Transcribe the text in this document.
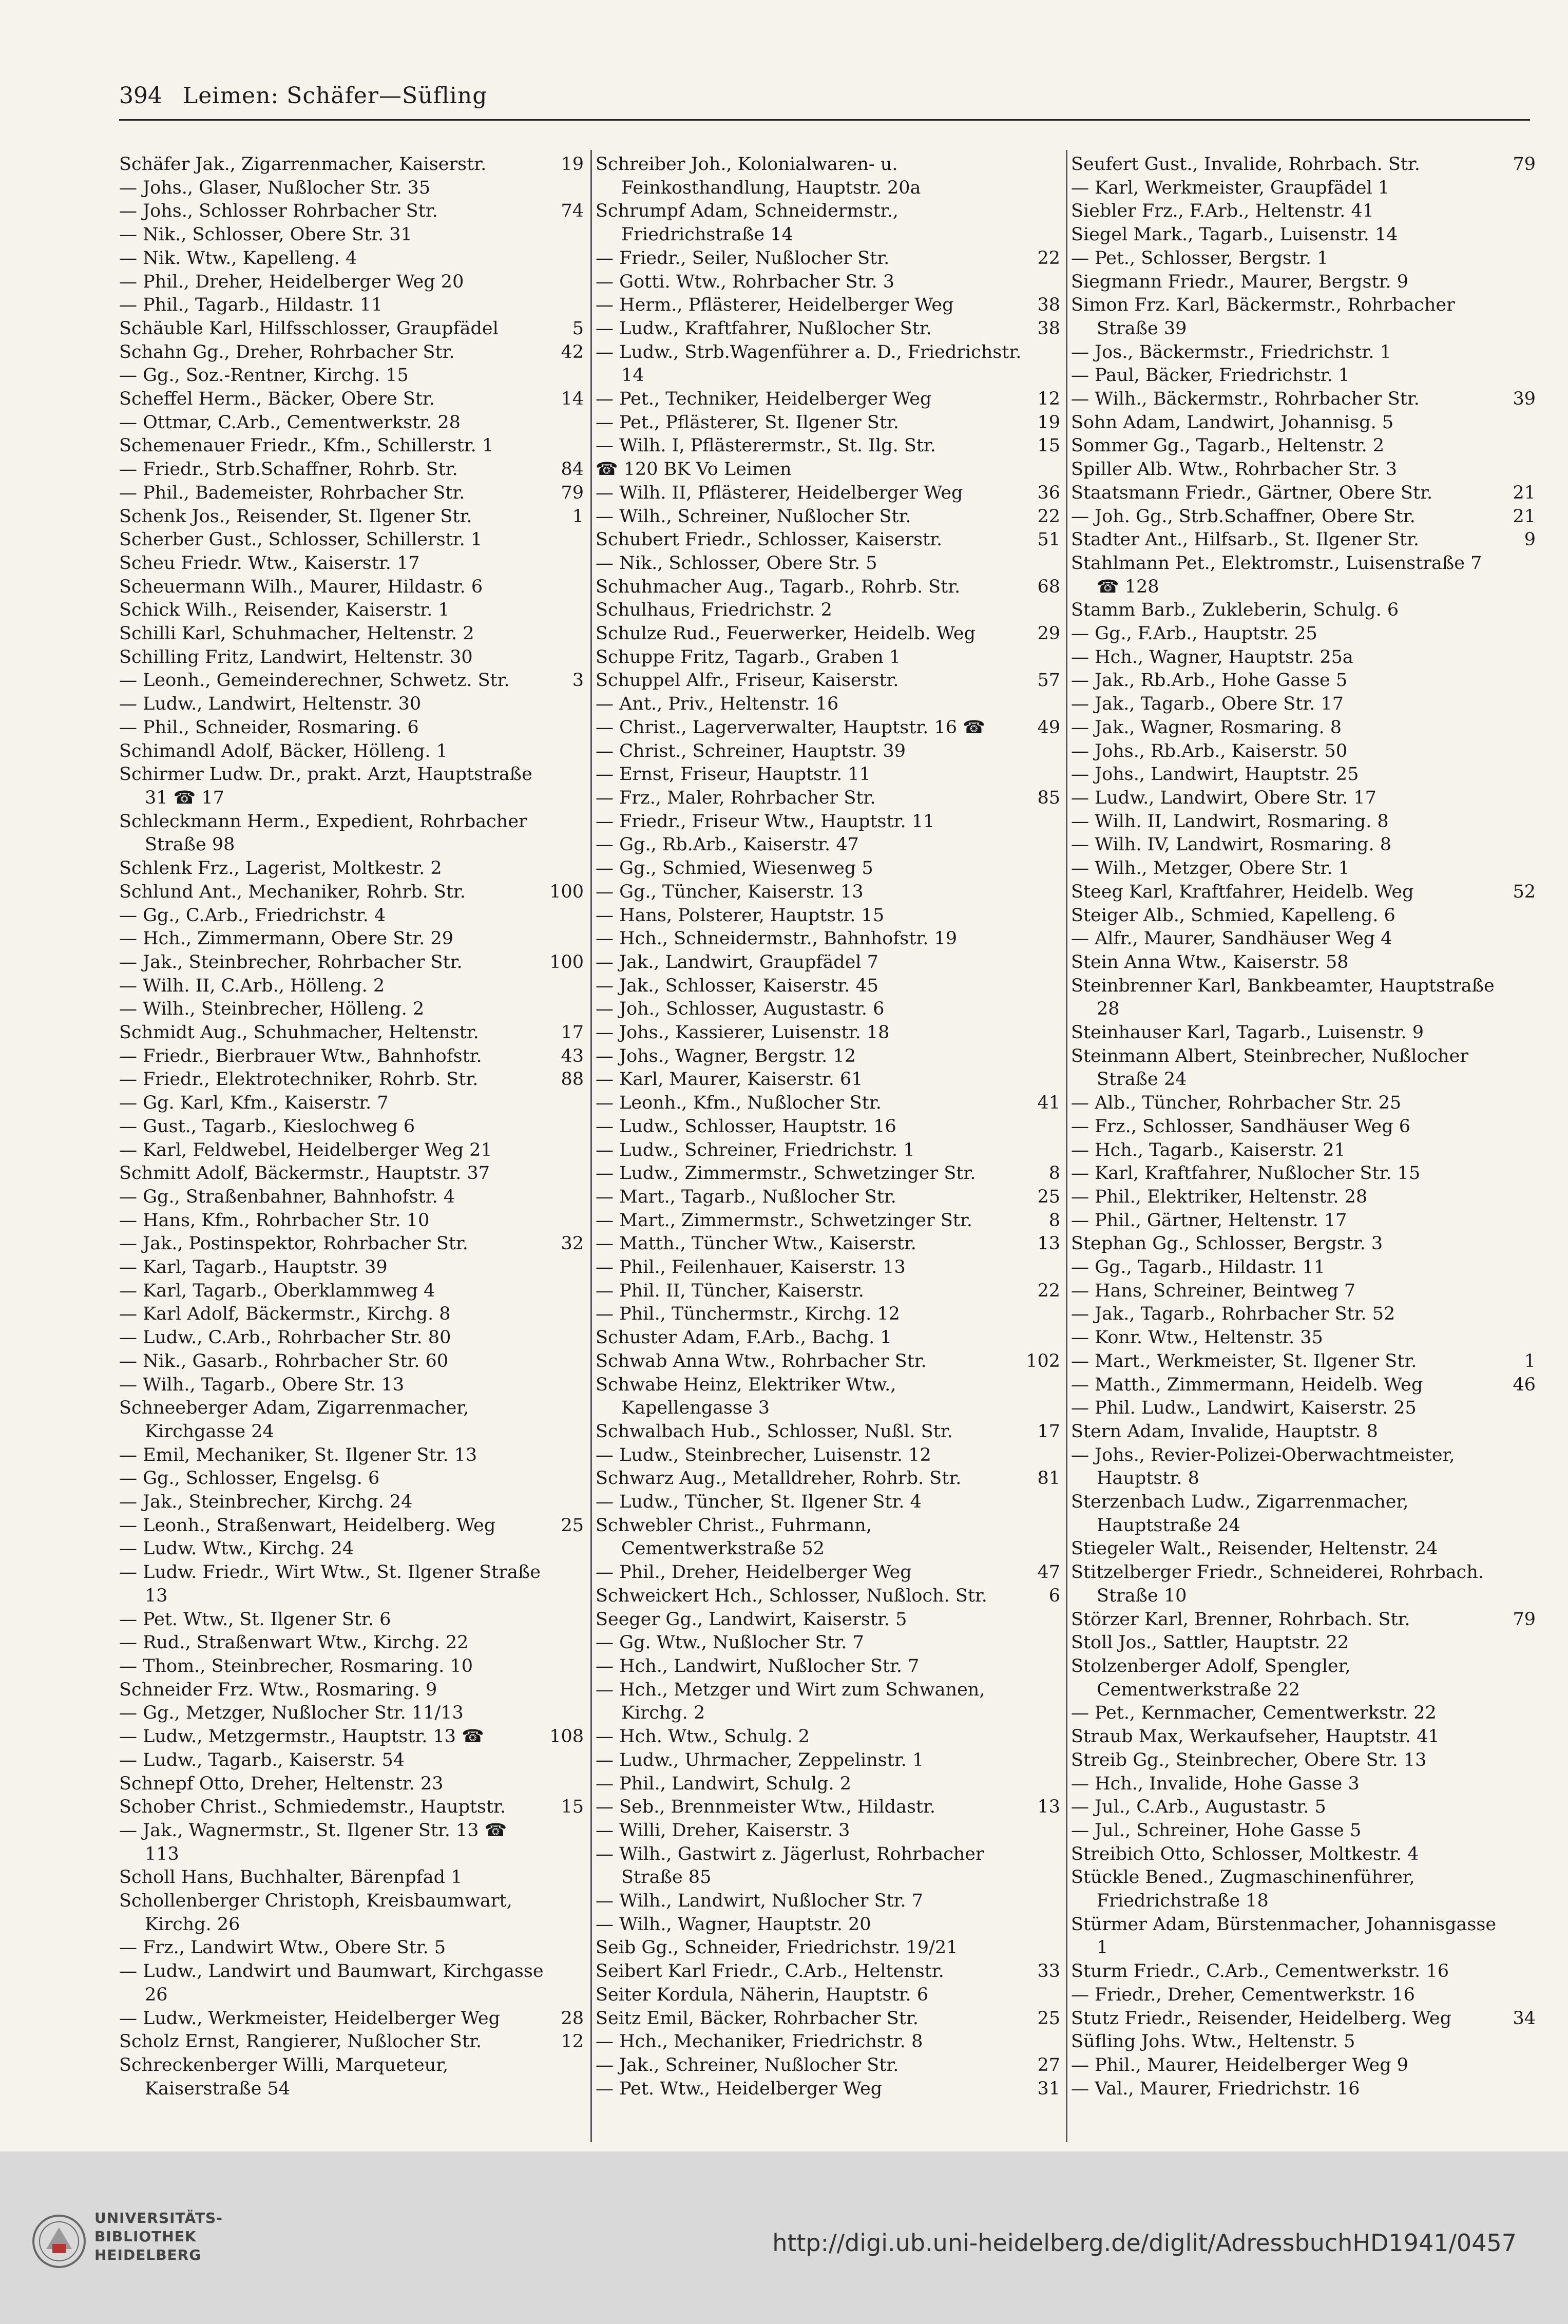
394 Leimen: Schäfer—Süfling
Schäfer Jak., Zigarrenmacher, Kaiserstr.	19
— Johs., Glaser, Nußlocher Str. 35
— Johs., Schlosser Rohrbacher Str.	74
— Nik., Schlosser, Obere Str. 31
— Nik. Wtw., Kapelleng. 4
— Phil., Dreher, Heidelberger Weg 20
— Phil., Tagarb., Hildastr. 11
Schäuble Karl, Hilfsschlosser, Graupfädel	5
Schahn Gg., Dreher, Rohrbacher Str.	42
— Gg., Soz.-Rentner, Kirchg. 15
Scheffel Herm., Bäcker, Obere Str.	14
— Ottmar, C.Arb., Cementwerkstr. 28
Schemenauer Friedr., Kfm., Schillerstr. 1
— Friedr., Strb.Schaffner, Rohrb. Str.	84
— Phil., Bademeister, Rohrbacher Str.	79
Schenk Jos., Reisender, St. Ilgener Str.	1
Scherber Gust., Schlosser, Schillerstr. 1
Scheu Friedr. Wtw., Kaiserstr. 17
Scheuermann Wilh., Maurer, Hildastr. 6
Schick Wilh., Reisender, Kaiserstr. 1
Schilli Karl, Schuhmacher, Heltenstr. 2
Schilling Fritz, Landwirt, Heltenstr. 30
— Leonh., Gemeinderechner, Schwetz. Str.	3
— Ludw., Landwirt, Heltenstr. 30
— Phil., Schneider, Rosmaring. 6
Schimandl Adolf, Bäcker, Hölleng. 1
Schirmer Ludw. Dr., prakt. Arzt, Hauptstraße 31 ☎ 17
Schleckmann Herm., Expedient, Rohrbacher Straße 98
Schlenk Frz., Lagerist, Moltkestr. 2
Schlund Ant., Mechaniker, Rohrb. Str.	100
— Gg., C.Arb., Friedrichstr. 4
— Hch., Zimmermann, Obere Str. 29
— Jak., Steinbrecher, Rohrbacher Str.	100
— Wilh. II, C.Arb., Hölleng. 2
— Wilh., Steinbrecher, Hölleng. 2
Schmidt Aug., Schuhmacher, Heltenstr.	17
— Friedr., Bierbrauer Wtw., Bahnhofstr.	43
— Friedr., Elektrotechniker, Rohrb. Str.	88
— Gg. Karl, Kfm., Kaiserstr. 7
— Gust., Tagarb., Kieslochweg 6
— Karl, Feldwebel, Heidelberger Weg 21
Schmitt Adolf, Bäckermstr., Hauptstr. 37
— Gg., Straßenbahner, Bahnhofstr. 4
— Hans, Kfm., Rohrbacher Str. 10
— Jak., Postinspektor, Rohrbacher Str.	32
— Karl, Tagarb., Hauptstr. 39
— Karl, Tagarb., Oberklammweg 4
— Karl Adolf, Bäckermstr., Kirchg. 8
— Ludw., C.Arb., Rohrbacher Str. 80
— Nik., Gasarb., Rohrbacher Str. 60
— Wilh., Tagarb., Obere Str. 13
Schneeberger Adam, Zigarrenmacher, Kirchgasse 24
— Emil, Mechaniker, St. Ilgener Str. 13
— Gg., Schlosser, Engelsg. 6
— Jak., Steinbrecher, Kirchg. 24
— Leonh., Straßenwart, Heidelberg. Weg	25
— Ludw. Wtw., Kirchg. 24
— Ludw. Friedr., Wirt Wtw., St. Ilgener Straße 13
— Pet. Wtw., St. Ilgener Str. 6
— Rud., Straßenwart Wtw., Kirchg. 22
— Thom., Steinbrecher, Rosmaring. 10
Schneider Frz. Wtw., Rosmaring. 9
— Gg., Metzger, Nußlocher Str. 11/13
— Ludw., Metzgermstr., Hauptstr. 13 ☎	108
— Ludw., Tagarb., Kaiserstr. 54
Schnepf Otto, Dreher, Heltenstr. 23
Schober Christ., Schmiedemstr., Hauptstr.	15
— Jak., Wagnermstr., St. Ilgener Str. 13 ☎ 113
Scholl Hans, Buchhalter, Bärenpfad 1
Schollenberger Christoph, Kreisbaumwart, Kirchg. 26
— Frz., Landwirt Wtw., Obere Str. 5
— Ludw., Landwirt und Baumwart, Kirchgasse 26
— Ludw., Werkmeister, Heidelberger Weg	28
Scholz Ernst, Rangierer, Nußlocher Str.	12
Schreckenberger Willi, Marqueteur, Kaiserstraße 54
Schreiber Joh., Kolonialwaren- u. Feinkosthandlung, Hauptstr. 20a
Schrumpf Adam, Schneidermstr., Friedrichstraße 14
— Friedr., Seiler, Nußlocher Str.	22
— Gotti. Wtw., Rohrbacher Str. 3
— Herm., Pflästerer, Heidelberger Weg	38
— Ludw., Kraftfahrer, Nußlocher Str.	38
— Ludw., Strb.Wagenführer a. D., Friedrichstr. 14
— Pet., Techniker, Heidelberger Weg	12
— Pet., Pflästerer, St. Ilgener Str.	19
— Wilh. I, Pflästerermstr., St. Ilg. Str.	15
☎ 120 BK Vo Leimen
— Wilh. II, Pflästerer, Heidelberger Weg	36
— Wilh., Schreiner, Nußlocher Str.	22
Schubert Friedr., Schlosser, Kaiserstr.	51
— Nik., Schlosser, Obere Str. 5
Schuhmacher Aug., Tagarb., Rohrb. Str.	68
Schulhaus, Friedrichstr. 2
Schulze Rud., Feuerwerker, Heidelb. Weg	29
Schuppe Fritz, Tagarb., Graben 1
Schuppel Alfr., Friseur, Kaiserstr.	57
— Ant., Priv., Heltenstr. 16
— Christ., Lagerverwalter, Hauptstr. 16 ☎	49
— Christ., Schreiner, Hauptstr. 39
— Ernst, Friseur, Hauptstr. 11
— Frz., Maler, Rohrbacher Str.	85
— Friedr., Friseur Wtw., Hauptstr. 11
— Gg., Rb.Arb., Kaiserstr. 47
— Gg., Schmied, Wiesenweg 5
— Gg., Tüncher, Kaiserstr. 13
— Hans, Polsterer, Hauptstr. 15
— Hch., Schneidermstr., Bahnhofstr. 19
— Jak., Landwirt, Graupfädel 7
— Jak., Schlosser, Kaiserstr. 45
— Joh., Schlosser, Augustastr. 6
— Johs., Kassierer, Luisenstr. 18
— Johs., Wagner, Bergstr. 12
— Karl, Maurer, Kaiserstr. 61
— Leonh., Kfm., Nußlocher Str.	41
— Ludw., Schlosser, Hauptstr. 16
— Ludw., Schreiner, Friedrichstr. 1
— Ludw., Zimmermstr., Schwetzinger Str.	8
— Mart., Tagarb., Nußlocher Str.	25
— Mart., Zimmermstr., Schwetzinger Str.	8
— Matth., Tüncher Wtw., Kaiserstr.	13
— Phil., Feilenhauer, Kaiserstr. 13
— Phil. II, Tüncher, Kaiserstr.	22
— Phil., Tünchermstr., Kirchg. 12
Schuster Adam, F.Arb., Bachg. 1
Schwab Anna Wtw., Rohrbacher Str.	102
Schwabe Heinz, Elektriker Wtw., Kapellengasse 3
Schwalbach Hub., Schlosser, Nußl. Str.	17
— Ludw., Steinbrecher, Luisenstr. 12
Schwarz Aug., Metalldreher, Rohrb. Str.	81
— Ludw., Tüncher, St. Ilgener Str. 4
Schwebler Christ., Fuhrmann, Cementwerkstraße 52
— Phil., Dreher, Heidelberger Weg	47
Schweickert Hch., Schlosser, Nußloch. Str.	6
Seeger Gg., Landwirt, Kaiserstr. 5
— Gg. Wtw., Nußlocher Str. 7
— Hch., Landwirt, Nußlocher Str. 7
— Hch., Metzger und Wirt zum Schwanen, Kirchg. 2
— Hch. Wtw., Schulg. 2
— Ludw., Uhrmacher, Zeppelinstr. 1
— Phil., Landwirt, Schulg. 2
— Seb., Brennmeister Wtw., Hildastr.	13
— Willi, Dreher, Kaiserstr. 3
— Wilh., Gastwirt z. Jägerlust, Rohrbacher Straße 85
— Wilh., Landwirt, Nußlocher Str. 7
— Wilh., Wagner, Hauptstr. 20
Seib Gg., Schneider, Friedrichstr. 19/21
Seibert Karl Friedr., C.Arb., Heltenstr.	33
Seiter Kordula, Näherin, Hauptstr. 6
Seitz Emil, Bäcker, Rohrbacher Str.	25
— Hch., Mechaniker, Friedrichstr. 8
— Jak., Schreiner, Nußlocher Str.	27
— Pet. Wtw., Heidelberger Weg	31
Seufert Gust., Invalide, Rohrbach. Str.	79
— Karl, Werkmeister, Graupfädel 1
Siebler Frz., F.Arb., Heltenstr. 41
Siegel Mark., Tagarb., Luisenstr. 14
— Pet., Schlosser, Bergstr. 1
Siegmann Friedr., Maurer, Bergstr. 9
Simon Frz. Karl, Bäckermstr., Rohrbacher Straße 39
— Jos., Bäckermstr., Friedrichstr. 1
— Paul, Bäcker, Friedrichstr. 1
— Wilh., Bäckermstr., Rohrbacher Str.	39
Sohn Adam, Landwirt, Johannisg. 5
Sommer Gg., Tagarb., Heltenstr. 2
Spiller Alb. Wtw., Rohrbacher Str. 3
Staatsmann Friedr., Gärtner, Obere Str.	21
— Joh. Gg., Strb.Schaffner, Obere Str.	21
Stadter Ant., Hilfsarb., St. Ilgener Str.	9
Stahlmann Pet., Elektromstr., Luisenstraße 7 ☎ 128
Stamm Barb., Zukleberin, Schulg. 6
— Gg., F.Arb., Hauptstr. 25
— Hch., Wagner, Hauptstr. 25a
— Jak., Rb.Arb., Hohe Gasse 5
— Jak., Tagarb., Obere Str. 17
— Jak., Wagner, Rosmaring. 8
— Johs., Rb.Arb., Kaiserstr. 50
— Johs., Landwirt, Hauptstr. 25
— Ludw., Landwirt, Obere Str. 17
— Wilh. II, Landwirt, Rosmaring. 8
— Wilh. IV, Landwirt, Rosmaring. 8
— Wilh., Metzger, Obere Str. 1
Steeg Karl, Kraftfahrer, Heidelb. Weg	52
Steiger Alb., Schmied, Kapelleng. 6
— Alfr., Maurer, Sandhäuser Weg 4
Stein Anna Wtw., Kaiserstr. 58
Steinbrenner Karl, Bankbeamter, Hauptstraße 28
Steinhauser Karl, Tagarb., Luisenstr. 9
Steinmann Albert, Steinbrecher, Nußlocher Straße 24
— Alb., Tüncher, Rohrbacher Str. 25
— Frz., Schlosser, Sandhäuser Weg 6
— Hch., Tagarb., Kaiserstr. 21
— Karl, Kraftfahrer, Nußlocher Str. 15
— Phil., Elektriker, Heltenstr. 28
— Phil., Gärtner, Heltenstr. 17
Stephan Gg., Schlosser, Bergstr. 3
— Gg., Tagarb., Hildastr. 11
— Hans, Schreiner, Beintweg 7
— Jak., Tagarb., Rohrbacher Str. 52
— Konr. Wtw., Heltenstr. 35
— Mart., Werkmeister, St. Ilgener Str.	1
— Matth., Zimmermann, Heidelb. Weg	46
— Phil. Ludw., Landwirt, Kaiserstr. 25
Stern Adam, Invalide, Hauptstr. 8
— Johs., Revier-Polizei-Oberwachtmeister, Hauptstr. 8
Sterzenbach Ludw., Zigarrenmacher, Hauptstraße 24
Stiegeler Walt., Reisender, Heltenstr. 24
Stitzelberger Friedr., Schneiderei, Rohrbach. Straße 10
Störzer Karl, Brenner, Rohrbach. Str.	79
Stoll Jos., Sattler, Hauptstr. 22
Stolzenberger Adolf, Spengler, Cementwerkstraße 22
— Pet., Kernmacher, Cementwerkstr. 22
Straub Max, Werkaufseher, Hauptstr. 41
Streib Gg., Steinbrecher, Obere Str. 13
— Hch., Invalide, Hohe Gasse 3
— Jul., C.Arb., Augustastr. 5
— Jul., Schreiner, Hohe Gasse 5
Streibich Otto, Schlosser, Moltkestr. 4
Stückle Bened., Zugmaschinenführer, Friedrichstraße 18
Stürmer Adam, Bürstenmacher, Johannisgasse 1
Sturm Friedr., C.Arb., Cementwerkstr. 16
— Friedr., Dreher, Cementwerkstr. 16
Stutz Friedr., Reisender, Heidelberg. Weg	34
Süfling Johs. Wtw., Heltenstr. 5
— Phil., Maurer, Heidelberger Weg 9
— Val., Maurer, Friedrichstr. 16
UNIVERSITÄTS-
BIBLIOTHEK
HEIDELBERG	http://digi.ub.uni-heidelberg.de/diglit/AdressbuchHD1941/0457
